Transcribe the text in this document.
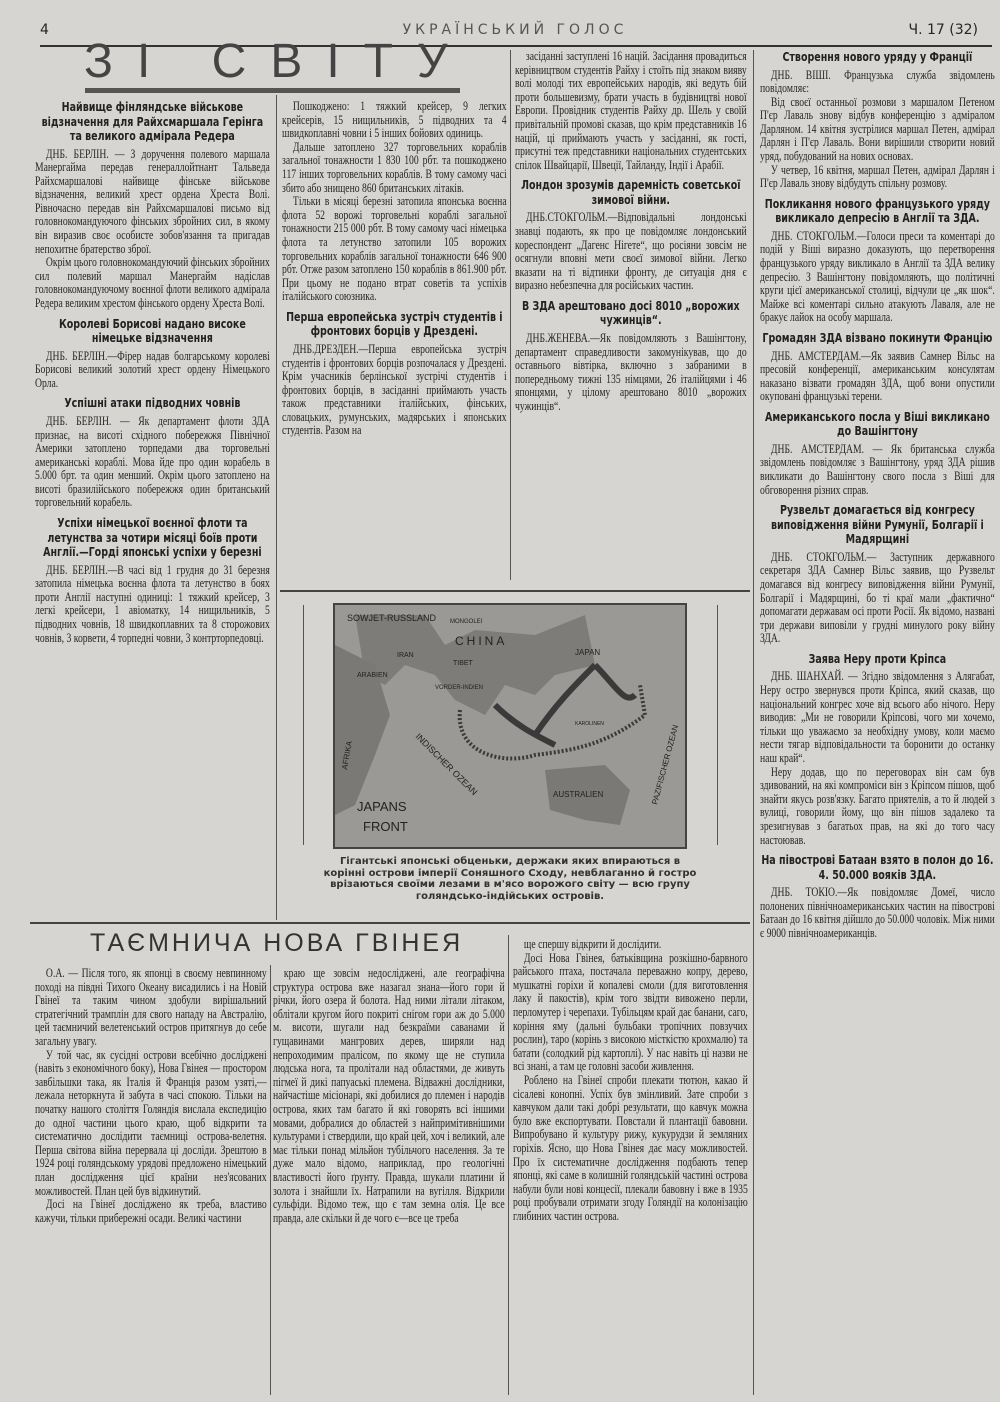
4	УКРАЇНСЬКИЙ ГОЛОС	Ч. 17 (32)
ЗІ СВІТУ
Найвище фінляндське військове відзначення для Райхсмаршала Герінга та великого адмірала Редера

ДНБ. БЕРЛІН. — З доручення полевого маршала Манергайма передав генераллойтнант Тальведа Райхсмаршалові найвище фінське військове відзначення, великий хрест ордена Хреста Волі. Рівночасно передав він Райхсмаршалові письмо від головнокомандуючого фінських збройних сил, в якому він виразив своє особисте зобов'язання та пригадав непохитне братерство зброї.

Окрім цього головнокомандуючий фінських збройних сил полевий маршал Манергайм надіслав головнокомандуючому воєнної флоти великого адмірала Редера великим хрестом фінського ордену Хреста Волі.

Королеві Борисові надано високе німецьке відзначення

ДНБ. БЕРЛІН.—Фірер надав болгарському королеві Борисові великий золотий хрест ордену Німецького Орла.

Успішні атаки підводних човнів

ДНБ. БЕРЛІН. — Як департамент флоти ЗДА признає, на висоті східного побережжя Північної Америки затоплено торпедами два торговельні американські кораблі. Мова йде про один корабель в 5.000 брт. та один менший. Окрім цього затоплено на висоті бразилійського побережжя один британський торговельний корабель.

Успіхи німецької воєнної флоти та летунства за чотири місяці боїв проти Англії.—Горді японські успіхи у березні

ДНБ. БЕРЛІН.—В часі від 1 грудня до 31 березня затопила німецька воєнна флота та летунство в боях проти Англії наступні одиниці: 1 тяжкий крейсер, 3 легкі крейсери, 1 авіоматку, 14 нищильників, 5 підводних човнів, 18 швидкоплавних та 8 сторожових човнів, 3 корвети, 4 торпедні човни, 3 контрторпедовці.

Пошкоджено: 1 тяжкий крейсер, 9 легких крейсерів, 15 нищильників, 5 підводних та 4 швидкоплавні човни і 5 інших бойових одиниць.

Дальше затоплено 327 торговельних кораблів загальної тонажности 1 830 100 рбт. та пошкоджено 117 інших торговельних кораблів. В тому самому часі збито або знищено 860 британських літаків.

Тільки в місяці березні затопила японська воєнна флота 52 ворожі торговельні кораблі загальної тонажности 215 000 рбт. В тому самому часі німецька флота та летунство затопили 105 ворожих торговельних кораблів загальної тонажности 646 900 рбт. Отже разом затоплено 150 кораблів в 861.900 рбт. При цьому не подано втрат советів та успіхів італійського союзника.

Перша европейська зустріч студентів і фронтових борців у Дрездені.

ДНБ.ДРЕЗДЕН.—Перша европейська зустріч студентів і фронтових борців розпочалася у Дрездені. Крім учасників берлінської зустрічі студентів і фронтових борців, в засіданні приймають участь також представники італійських, фінських, словацьких, румунських, мадярських і японських студентів. Разом на

засіданні заступлені 16 націй. Засідання провадиться керівництвом студентів Райху і стоїть під знаком вияву волі молоді тих европейських народів, які ведуть бій проти большевизму, брати участь в будівництві нової Европи. Провідник студентів Райху др. Шель у своїй привітальній промові сказав, що крім представників 16 націй, ці приймають участь у засіданні, як гості, присутні теж представники національних студентських спілок Швайцарії, Швеції, Тайланду, Індії і Арабії.

Лондон зрозумів даремність советської зимової війни.

ДНБ.СТОКГОЛЬМ.—Відповідальні лондонські знавці подають, як про це повідомляє лондонський кореспондент „Дагенс Нігете“, що росіяни зовсім не осягнули вповні мети своєї зимової війни. Легко вказати на ті відтинки фронту, де ситуація дня є виразно небезпечна для російських частин.

В ЗДА арештовано досі 8010 „ворожих чужинців“.

ДНБ.ЖЕНЕВА.—Як повідомляють з Вашінгтону, департамент справедливости закомунікував, що до оставнього вівтірка, включно з забраними в попередньому тижні 135 німцями, 26 італійцями і 46 японцями, у цілому арештовано 8010 „ворожих чужинців“.

Створення нового уряду у Франції

ДНБ. ВІШІ. Французька служба звідомлень повідомляє:

Від своєї останньої розмови з маршалом Петеном П'єр Лаваль знову відбув конференцію з адміралом Дарляном. 14 квітня зустрілися маршал Петен, адмірал Дарлян і П'єр Лаваль. Вони вирішили створити новий уряд, побудований на нових основах.

У четвер, 16 квітня, маршал Петен, адмірал Дарлян і П'єр Лаваль знову відбудуть спільну розмову.

Покликання нового французького уряду викликало депресію в Англії та ЗДА.

ДНБ. СТОКГОЛЬМ.—Голоси преси та коментарі до подій у Віші виразно доказують, що перетворення французького уряду викликало в Англії та ЗДА велику депресію. З Вашінгтону повідомляють, що політичні круги цієї американської столиці, відчули це „як шок“. Майже всі коментарі сильно атакують Лаваля, але не бракує лайок на особу маршала.

Громадян ЗДА візвано покинути Францію

ДНБ. АМСТЕРДАМ.—Як заявив Самнер Вільс на пресовій конференції, американським консулятам наказано візвати громадян ЗДА, щоб вони опустили окуповані французькі терени.

Американського посла у Віші викликано до Вашінгтону

ДНБ. АМСТЕРДАМ. — Як британська служба звідомлень повідомляє з Вашінгтону, уряд ЗДА рішив викликати до Вашінгтону свого посла з Віші для обговорення різних справ.

Рузвельт домагається від конгресу виповідження війни Румунії, Болгарії і Мадярщині

ДНБ. СТОКГОЛЬМ.— Заступник державного секретаря ЗДА Самнер Вільс заявив, що Рузвельт домагався від конгресу виповідження війни Румунії, Болгарії і Мадярщині, бо ті краї мали „фактично“ допомагати державам осі проти Росії. Як відомо, названі три держави виповіли у грудні минулого року війну ЗДА.

Заява Неру проти Кріпса

ДНБ. ШАНХАЙ. — Згідно звідомлення з Алягабат, Неру остро звернувся проти Кріпса, який сказав, що національний конгрес хоче від всього або нічого. Неру виводив: „Ми не говорили Кріпсові, чого ми хочемо, тільки що уважаємо за необхідну умову, коли маємо нести тягар відповідальности та боронити до останку наш край“.

Неру додав, що по переговорах він сам був здивований, на які компроміси він з Кріпсом пішов, щоб знайти якусь розв'язку. Багато приятелів, а то й людей з вулиці, говорили йому, що він пішов задалеко та зрезигнував з багатьох прав, на які до того часу настоював.

На півострові Батаан взято в полон до 16. 4. 50.000 вояків ЗДА.

ДНБ. ТОКІО.—Як повідомляє Домеї, число полонених північноамериканських частин на півострові Батаан до 16 квітня дійшло до 50.000 чоловік. Між ними є 9000 північноамериканців.

О.А. — Після того, як японці в своєму невпинному поході на півдні Тихого Океану висадились і на Новій Гвінеї та таким чином здобули вирішальний стратегічний трамплін для свого нападу на Австралію, цей таємничий велетенський остров притягнув до себе загальну увагу.

У той час, як сусідні острови всебічно досліджені (навіть з економічного боку), Нова Гвінея — простором завбільшки така, як Італія й Франція разом узяті,—лежала неторкнута й забута в часі спокою. Тільки на початку нашого століття Голяндія вислала експедицію до одної частини цього краю, щоб відкрити та систематично дослідити таємниці острова-велетня. Перша світова війна перервала ці досліди. Зрештою в 1924 році голяндському урядові предложено німецький план дослідження цієї країни нез'ясованих можливостей. План цей був відкинутий.

Досі на Гвінеї досліджено як треба, властиво кажучи, тільки прибережні осади. Великі частини

краю ще зовсім недосліджені, але географічна структура острова вже назагал знана—його гори й річки, його озера й болота. Над ними літали літаком, облітали кругом його покриті снігом гори аж до 5.000 м. висоти, шугали над безкраїми саванами й гущавинами мангрових дерев, ширяли над непроходимим пралісом, по якому ще не ступила людська нога, та пролітали над областями, де живуть пігмеї й дикі папуаські племена. Відважні дослідники, найчастіше місіонарі, які добилися до племен і народів острова, яких там багато й які говорять всі іншими мовами, добралися до областей з найпримітивнішими культурами і ствердили, що край цей, хоч і великий, але має тільки понад мільйон тубільчого населення. За те дуже мало відомо, наприклад, про геологічні властивості його ґрунту. Правда, шукали платини й золота і знайшли їх. Натрапили на вугілля. Відкрили сульфіди. Відомо теж, що є там земна олія. Це все правда, але скільки й де чого є—все це треба

ще спершу відкрити й дослідити.

Досі Нова Гвінея, батьківщина розкішно-барвного райського птаха, постачала переважно копру, дерево, мушкатні горіхи й копалеві смоли (для виготовлення лаку й пакостів), крім того звідти вивожено перли, перломутер і черепахи. Тубільцям край дає банани, саго, коріння яму (дальні бульбаки тропічних повзучих рослин), таро (корінь з високою місткістю крохмалю) та батати (солодкий рід картоплі). У нас навіть ці назви не всі знані, а там це головні засоби живлення.

Роблено на Гвінеї спроби плекати тютюн, какао й сісалеві конопні. Успіх був змінливий. Зате спроби з кавчуком дали такі добрі результати, що кавчук можна було вже експортувати. Повстали й плантації бавовни. Випробувано й культуру рижу, кукурудзи й земляних горіхів. Ясно, що Нова Гвінея дає масу можливостей. Про їх систематичне дослідження подбають тепер японці, які саме в колишній голяндській частині острова набули були нові концесії, плекали бавовну і вже в 1935 році пробували отримати згоду Голяндії на колонізацію глибиних частин острова.

SOWJET-RUSSLAND MONGOLEI
CHINA
JAPAN
TIBET
IRAN
ARABIEN
VORDER-INDIEN
AFRIKA	INDISCHER OZEAN	AUSTRALIEN	PAZIFISCHER OZEAN
KAROLINEN
JAPANS
FRONT
Гігантські японські обценьки, держаки яких впираються в корінні острови імперії Соняшного Сходу, невблаганно й гостро врізаються своїми лезами в м'ясо ворожого світу — всю групу голяндсько-індійських островів.
ТАЄМНИЧА НОВА ГВІНЕЯ
